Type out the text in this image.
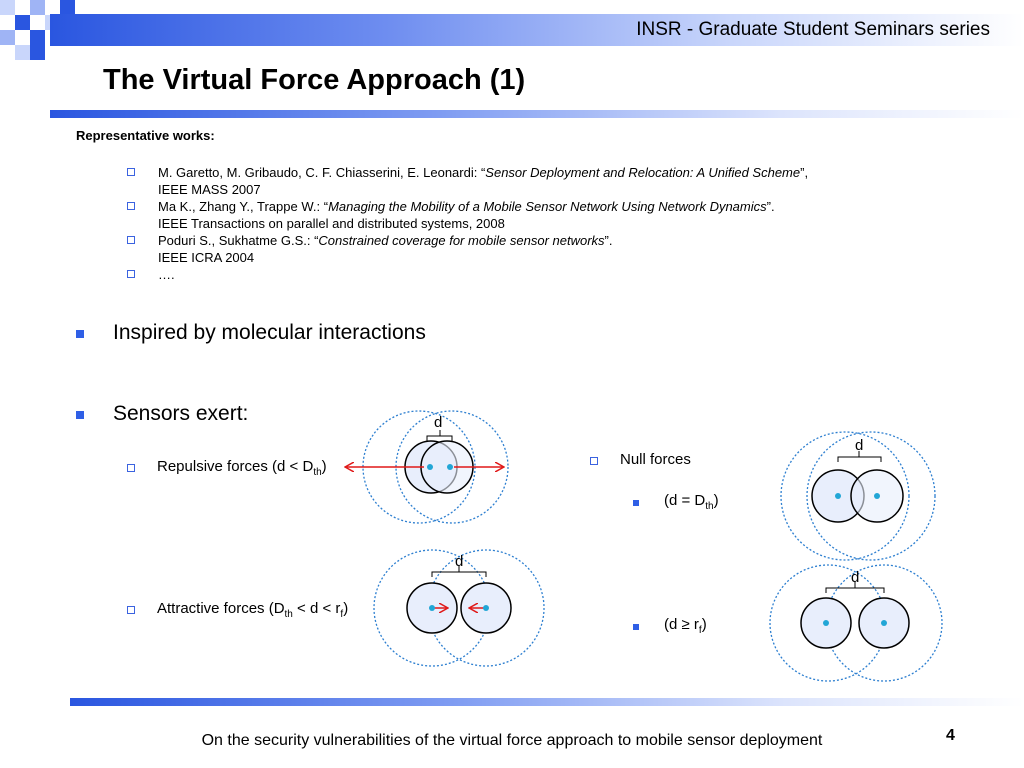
INSR - Graduate Student Seminars series
The Virtual Force Approach (1)
Representative works:
M. Garetto, M. Gribaudo, C. F. Chiasserini, E. Leonardi: “Sensor Deployment and Relocation: A Unified Scheme”,
IEEE MASS 2007
Ma K., Zhang Y., Trappe W.: “Managing the Mobility of a Mobile Sensor Network Using Network Dynamics”.
IEEE Transactions on parallel and distributed systems, 2008
Poduri S., Sukhatme G.S.: “Constrained coverage for mobile sensor networks”.
IEEE ICRA 2004
….
Inspired by molecular interactions
Sensors exert:
Repulsive forces $(d < D_{th})$
Attractive forces $(D_{th} < d < r_f)$
Null forces
$(d = D_{th})$
$(d \ge r_f)$
d
d
d
d
On the security vulnerabilities of the virtual force approach to mobile sensor deployment	4
